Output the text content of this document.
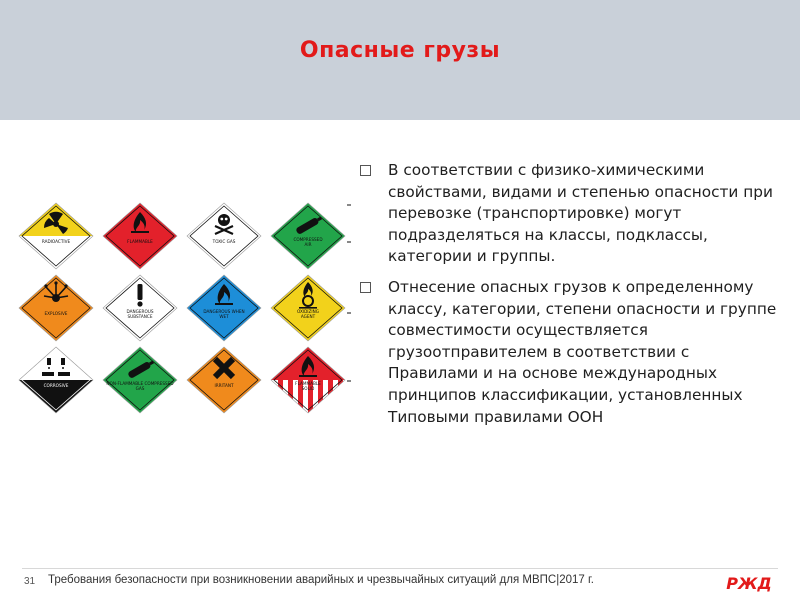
Опасные грузы
RADIOACTIVE	FLAMMABLE	TOXIC GAS	COMPRESSED
AIR
EXPLOSIVE	DANGEROUS
SUBSTANCE
DANGEROUS WHEN
WET
OXIDIZING
AGENT
CORROSIVE	NON-FLAMMABLE COMPRESSED
GAS
IRRITANT	FLAMMABLE
SOLID
В соответствии с физико-химическими свойствами, видами и степенью опасности при перевозке (транспортировке) могут подразделяться на классы, подклассы, категории и группы.
Отнесение опасных грузов к определенному классу, категории, степени опасности и группе совместимости осуществляется грузоотправителем в соответствии с Правилами и на основе международных принципов классификации, установленных Типовыми правилами ООН
31 Требования безопасности при возникновении аварийных и чрезвычайных ситуаций для МВПС|2017 г.	РЖД
